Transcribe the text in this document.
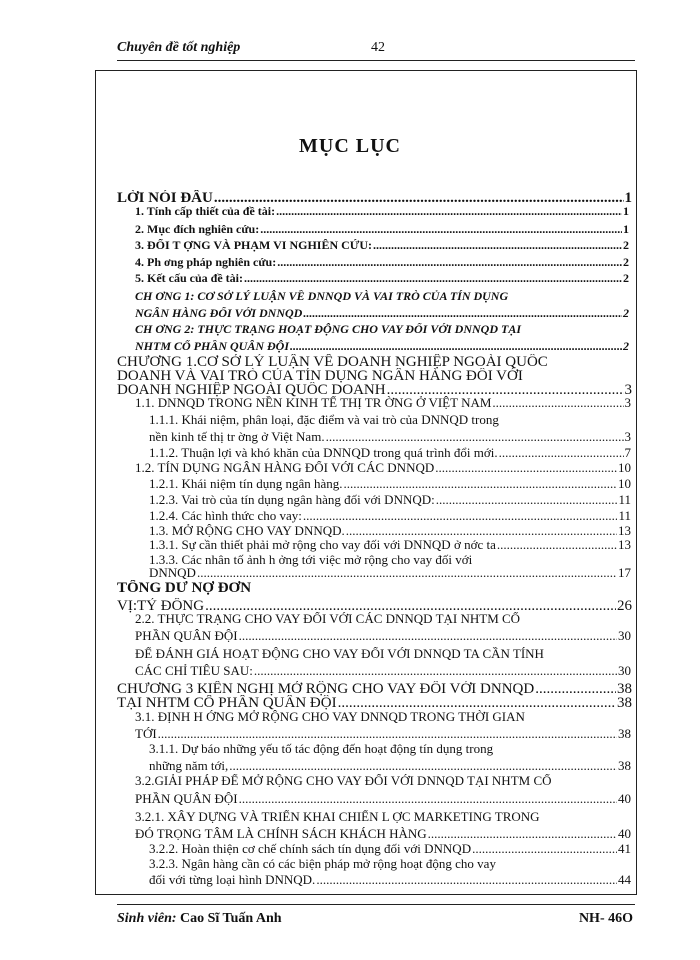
Chuyên đề tốt nghiệp	42
MỤC LỤC
LỜI NÓI ĐẦU .....	1
1. Tính cấp thiết của đề tài: .....	1
2. Mục đích nghiên cứu: .....	1
3. ĐỐI T ỢNG VÀ PHẠM VI NGHIÊN CỨU: .....	2
4. Ph ơng pháp nghiên cứu: .....	2
5. Kết cấu của đề tài: .....	2
CH ƠNG 1: CƠ SỞ LÝ LUẬN VỀ DNNQD VÀ VAI TRÒ CỦA TÍN DỤNG
NGÂN HÀNG ĐỐI VỚI DNNQD .....	2
CH ƠNG 2: THỰC TRẠNG HOẠT ĐỘNG CHO VAY ĐỐI VỚI DNNQD TẠI
NHTM CỔ PHẦN QUÂN ĐỘI .....	2
CHƯƠNG 1.CƠ SỞ LÝ LUẬN VỀ DOANH NGHIỆP NGOÀI QUỐC
DOANH VÀ VAI TRÒ CỦA TÍN DỤNG NGÂN HÀNG ĐỐI VỚI
DOANH NGHIỆP NGOÀI QUỐC DOANH .....	3
1.1. DNNQD TRONG NỀN KINH TẾ THỊ TR ỜNG Ở VIỆT NAM .....	3
1.1.1. Khái niệm, phân loại, đặc điểm và vai trò của DNNQD trong
nền kinh tế thị tr ờng ở Việt Nam. .....	3
1.1.2. Thuận lợi và khó khăn của DNNQD trong quá trình đổi mới. .....	7
1.2. TÍN DỤNG NGÂN HÀNG ĐỐI VỚI CÁC DNNQD .....	10
1.2.1. Khái niệm tín dụng ngân hàng. .....	10
1.2.3. Vai trò của tín dụng ngân hàng đối với DNNQD: .....	11
1.2.4. Các hình thức cho vay: .....	11
1.3. MỞ RỘNG CHO VAY DNNQD. .....	13
1.3.1. Sự cần thiết phải mở rộng cho vay đối với DNNQD ở nớc ta .....	13
1.3.3. Các nhân tố ảnh h ởng tới việc mở rộng cho vay đối với
DNNQD .....	17
TỔNG DƯ NỢ ĐƠN
VỊ:TỶ ĐỒNG .....	26
2.2. THỰC TRẠNG CHO VAY ĐỐI VỚI CÁC DNNQD TẠI NHTM CỔ
PHẦN QUÂN ĐỘI .....	30
ĐỂ ĐÁNH GIÁ HOẠT ĐỘNG CHO VAY ĐỐI VỚI DNNQD TA CẦN TÍNH
CÁC CHỈ TIÊU SAU: .....	30
CHƯƠNG 3 KIẾN NGHỊ MỞ RỘNG CHO VAY ĐỐI VỚI DNNQD .....	38
TẠI NHTM CỔ PHẦN QUÂN ĐỘI .....	38
3.1. ĐỊNH H ỚNG MỞ RỘNG CHO VAY DNNQD TRONG THỜI GIAN
TỚI .....	38
3.1.1. Dự báo những yếu tố tác động đến hoạt động tín dụng trong
những năm tới, .....	38
3.2.GIẢI PHÁP ĐỂ MỞ RỘNG CHO VAY ĐỐI VỚI DNNQD TẠI NHTM CỔ
PHẦN QUÂN ĐỘI .....	40
3.2.1. XÂY DỰNG VÀ TRIỂN KHAI CHIẾN L ỢC MARKETING TRONG
ĐÓ TRỌNG TÂM LÀ CHÍNH SÁCH KHÁCH HÀNG .....	40
3.2.2. Hoàn thiện cơ chế chính sách tín dụng đối với DNNQD .....	41
3.2.3. Ngân hàng cần có các biện pháp mở rộng hoạt động cho vay
đối với từng loại hình DNNQD. .....	44
Sinh viên: Cao Sĩ Tuấn Anh	NH- 46O
